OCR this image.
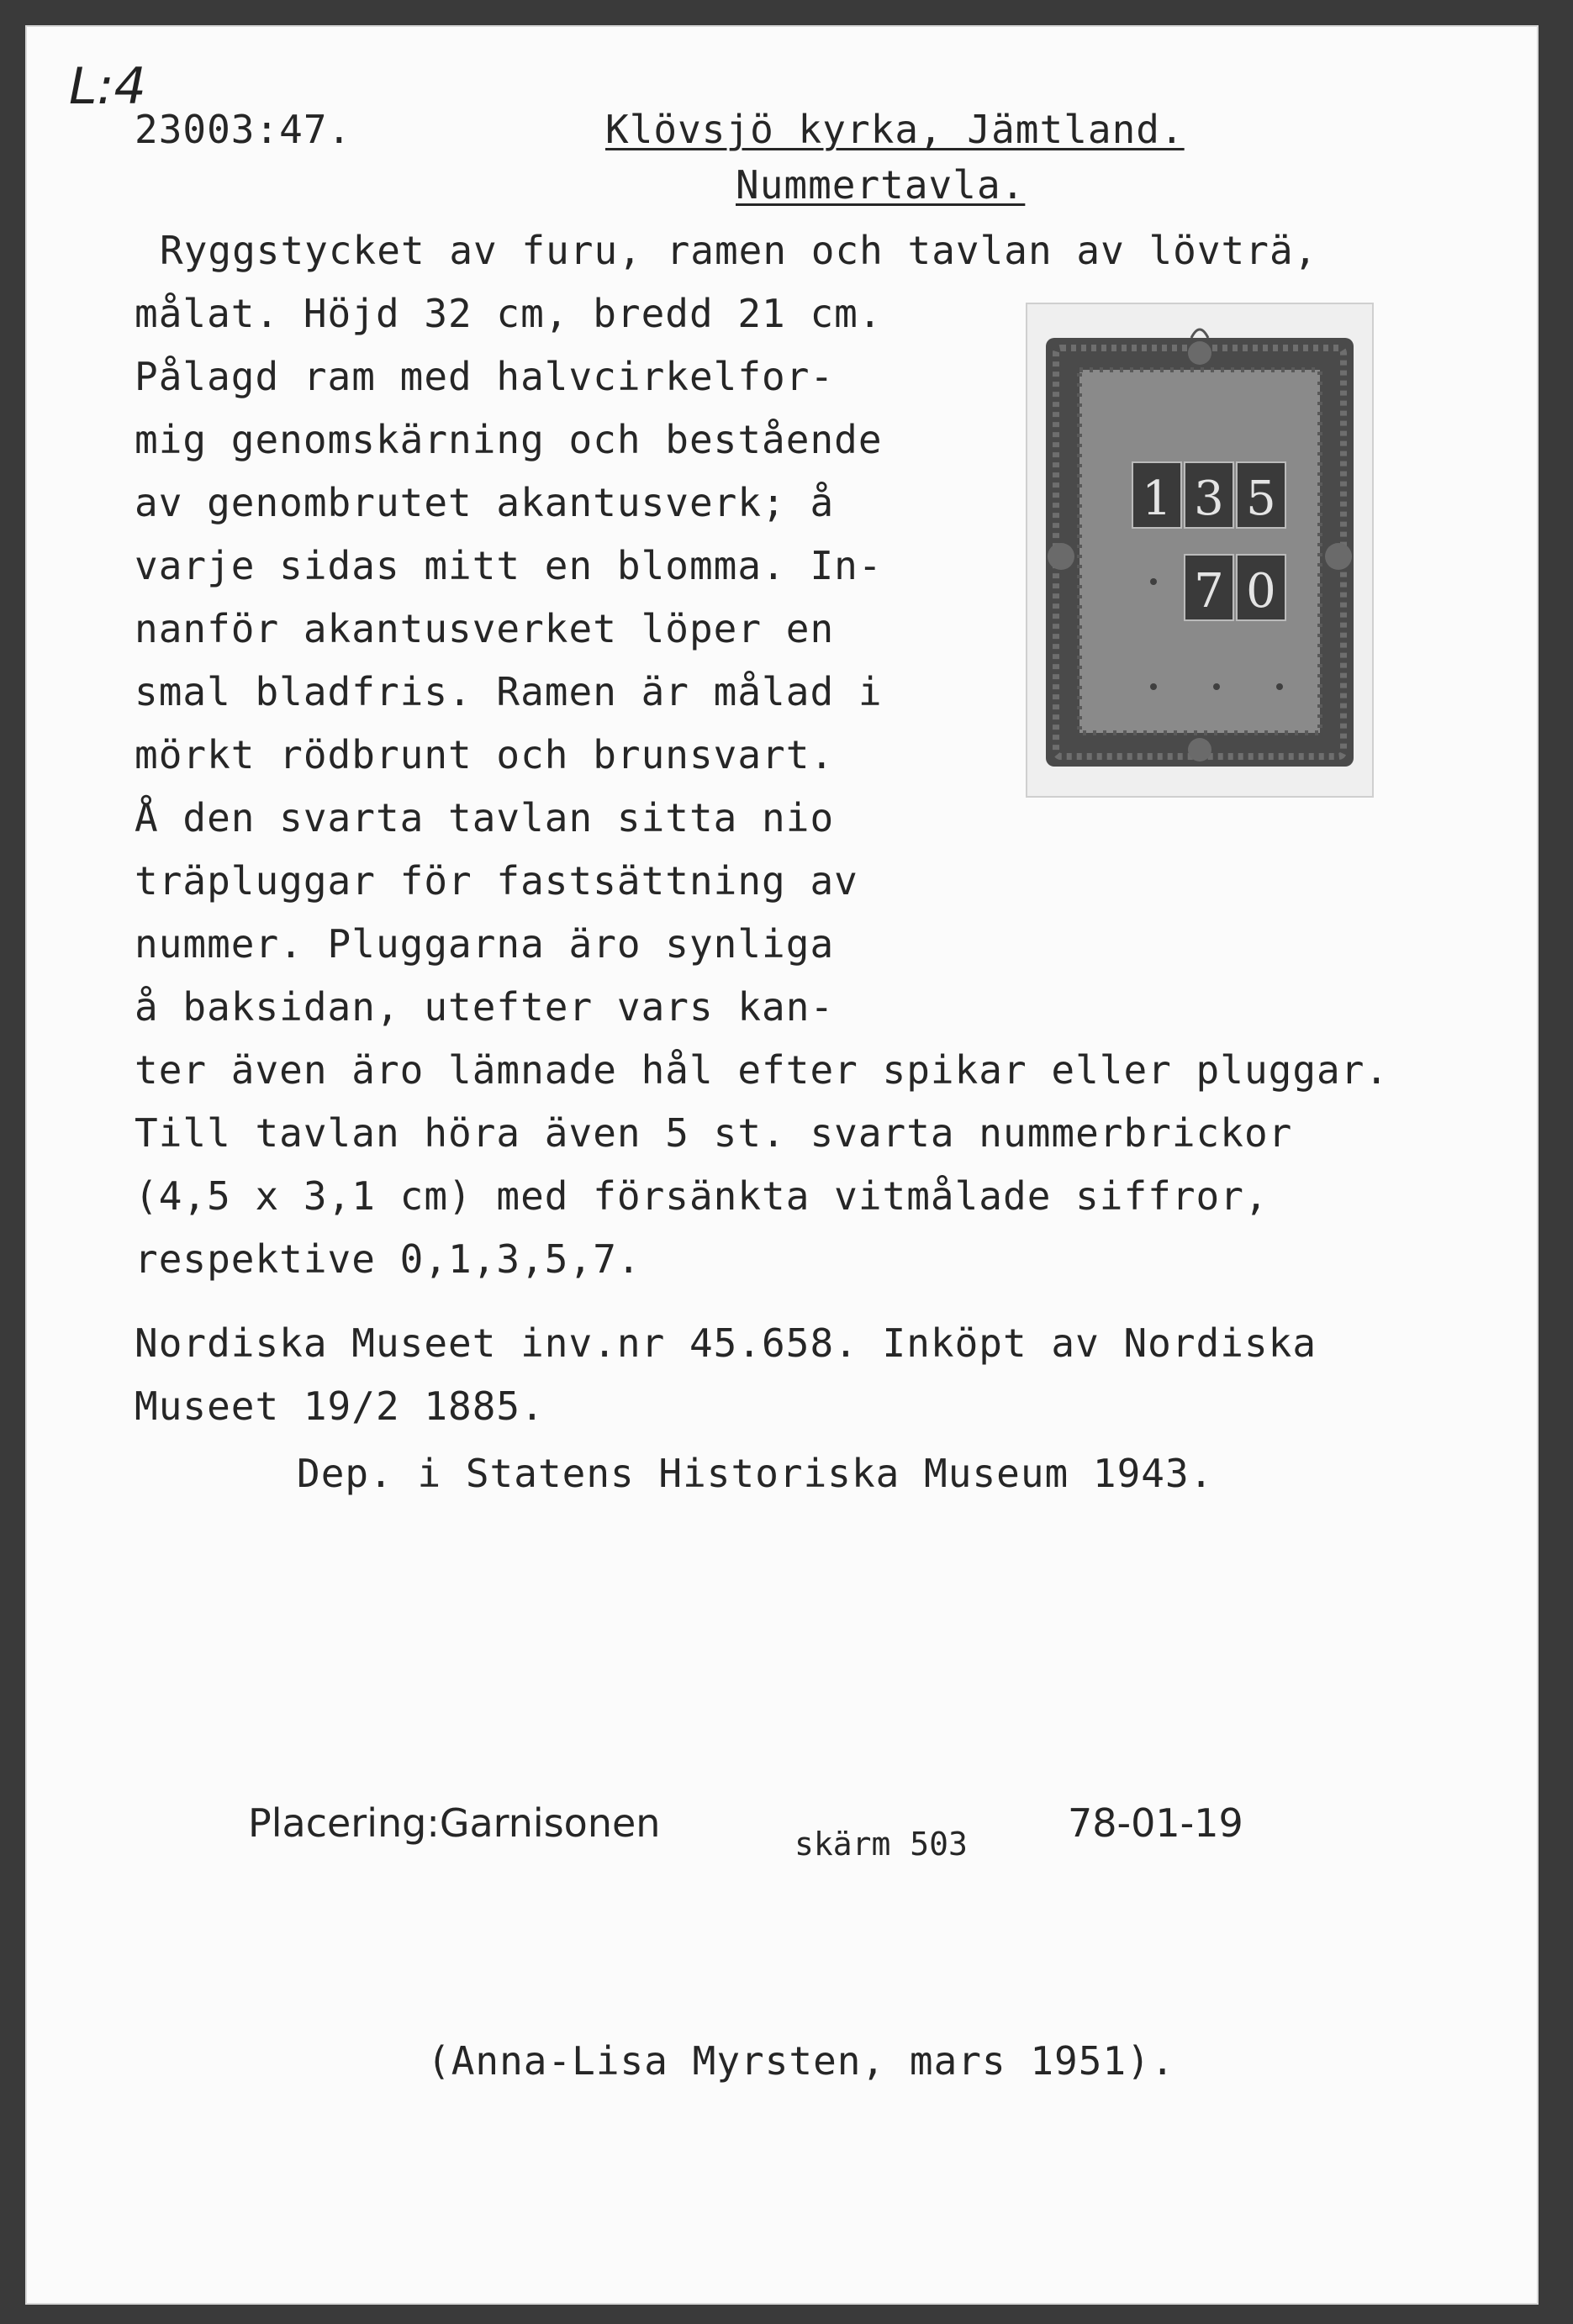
L:4
23003:47.	Klövsjö kyrka, Jämtland.
Nummertavla.
Ryggstycket av furu, ramen och tavlan av lövträ,
målat. Höjd 32 cm, bredd 21 cm.
Pålagd ram med halvcirkelfor-
mig genomskärning och bestående
av genombrutet akantusverk; å
varje sidas mitt en blomma. In-
nanför akantusverket löper en
smal bladfris. Ramen är målad i
mörkt rödbrunt och brunsvart.
Å den svarta tavlan sitta nio
träpluggar för fastsättning av
nummer. Pluggarna äro synliga
å baksidan, utefter vars kan-
ter även äro lämnade hål efter spikar eller pluggar.
Till tavlan höra även 5 st. svarta nummerbrickor
(4,5 x 3,1 cm) med försänkta vitmålade siffror,
respektive 0,1,3,5,7.
Nordiska Museet inv.nr 45.658. Inköpt av Nordiska
Museet 19/2 1885.
Dep. i Statens Historiska Museum 1943.
1 3 5
7 0
Placering:Garnisonen	skärm 503	78-01-19
(Anna-Lisa Myrsten, mars 1951).
